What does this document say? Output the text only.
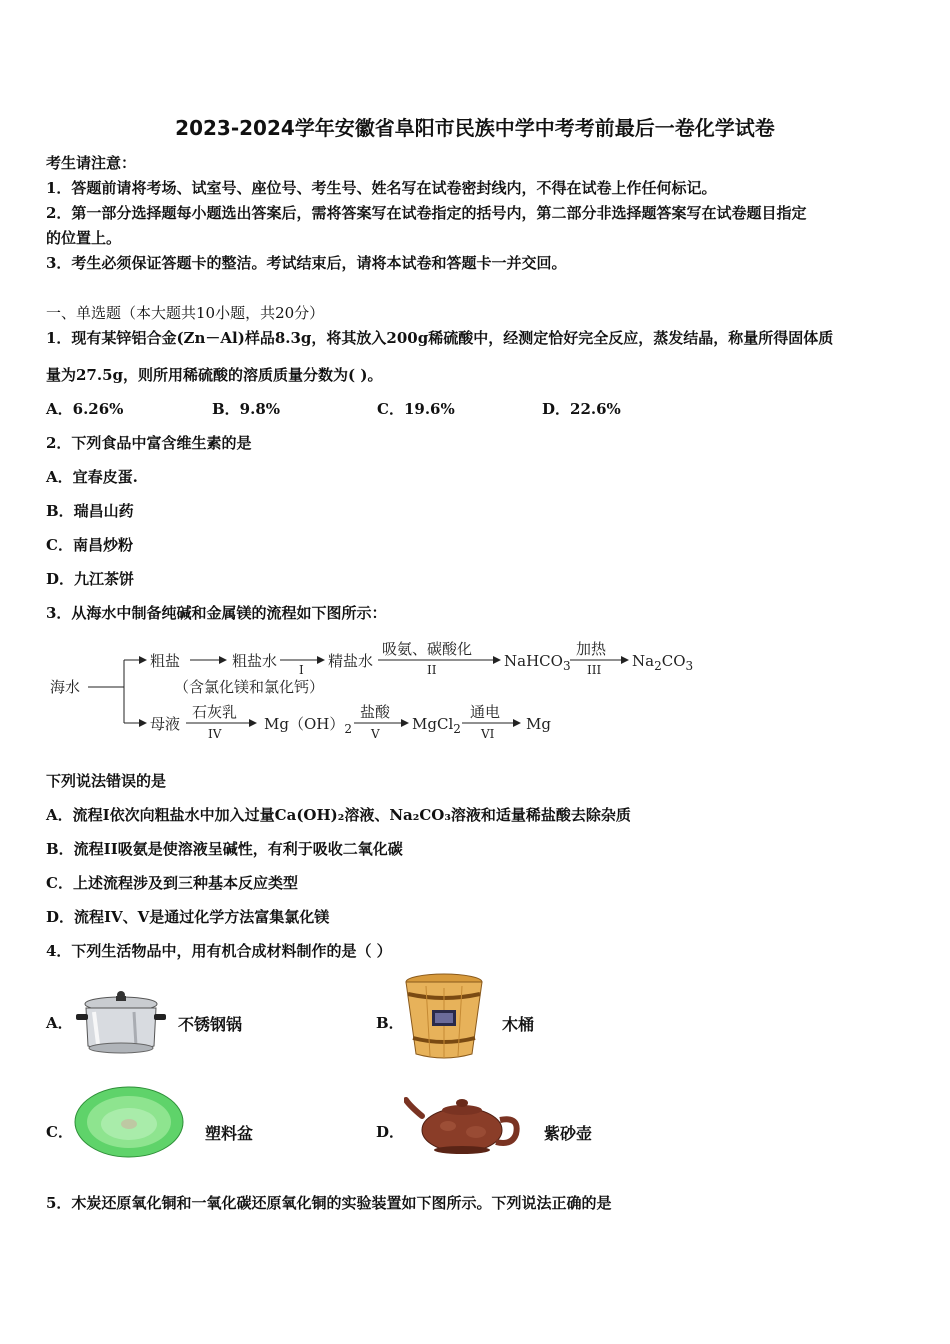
2023-2024学年安徽省阜阳市民族中学中考考前最后一卷化学试卷
考生请注意：
1．答题前请将考场、试室号、座位号、考生号、姓名写在试卷密封线内，不得在试卷上作任何标记。
2．第一部分选择题每小题选出答案后，需将答案写在试卷指定的括号内，第二部分非选择题答案写在试卷题目指定
的位置上。
3．考生必须保证答题卡的整洁。考试结束后，请将本试卷和答题卡一并交回。
一、单选题（本大题共10小题，共20分）
1．现有某锌铝合金(Zn－Al)样品8.3g，将其放入200g稀硫酸中，经测定恰好完全反应，蒸发结晶，称量所得固体质
量为27.5g，则所用稀硫酸的溶质质量分数为( )。
A．6.26%	B．9.8%	C．19.6%	D．22.6%
2．下列食品中富含维生素的是
A．宜春皮蛋.
B．瑞昌山药
C．南昌炒粉
D．九江茶饼
3．从海水中制备纯碱和金属镁的流程如下图所示：
海水
粗盐
（含氯化镁和氯化钙）
粗盐水 I 精盐水
吸氨、碳酸化
II	NaHCO$_3$
加热
III $Na_2CO_3$
母液
石灰乳
IV
$Mg(OH)_2$
盐酸
V
MgCl$_2$
通电
VI
Mg
下列说法错误的是
A．流程I依次向粗盐水中加入过量Ca(OH)₂溶液、Na₂CO₃溶液和适量稀盐酸去除杂质
B．流程II吸氨是使溶液呈碱性，有利于吸收二氧化碳
C．上述流程涉及到三种基本反应类型
D．流程IV、V是通过化学方法富集氯化镁
4．下列生活物品中，用有机合成材料制作的是（ ）
A．	不锈钢锅	B．	木桶
C．	塑料盆	D．	紫砂壶
5．木炭还原氧化铜和一氧化碳还原氧化铜的实验装置如下图所示。下列说法正确的是
